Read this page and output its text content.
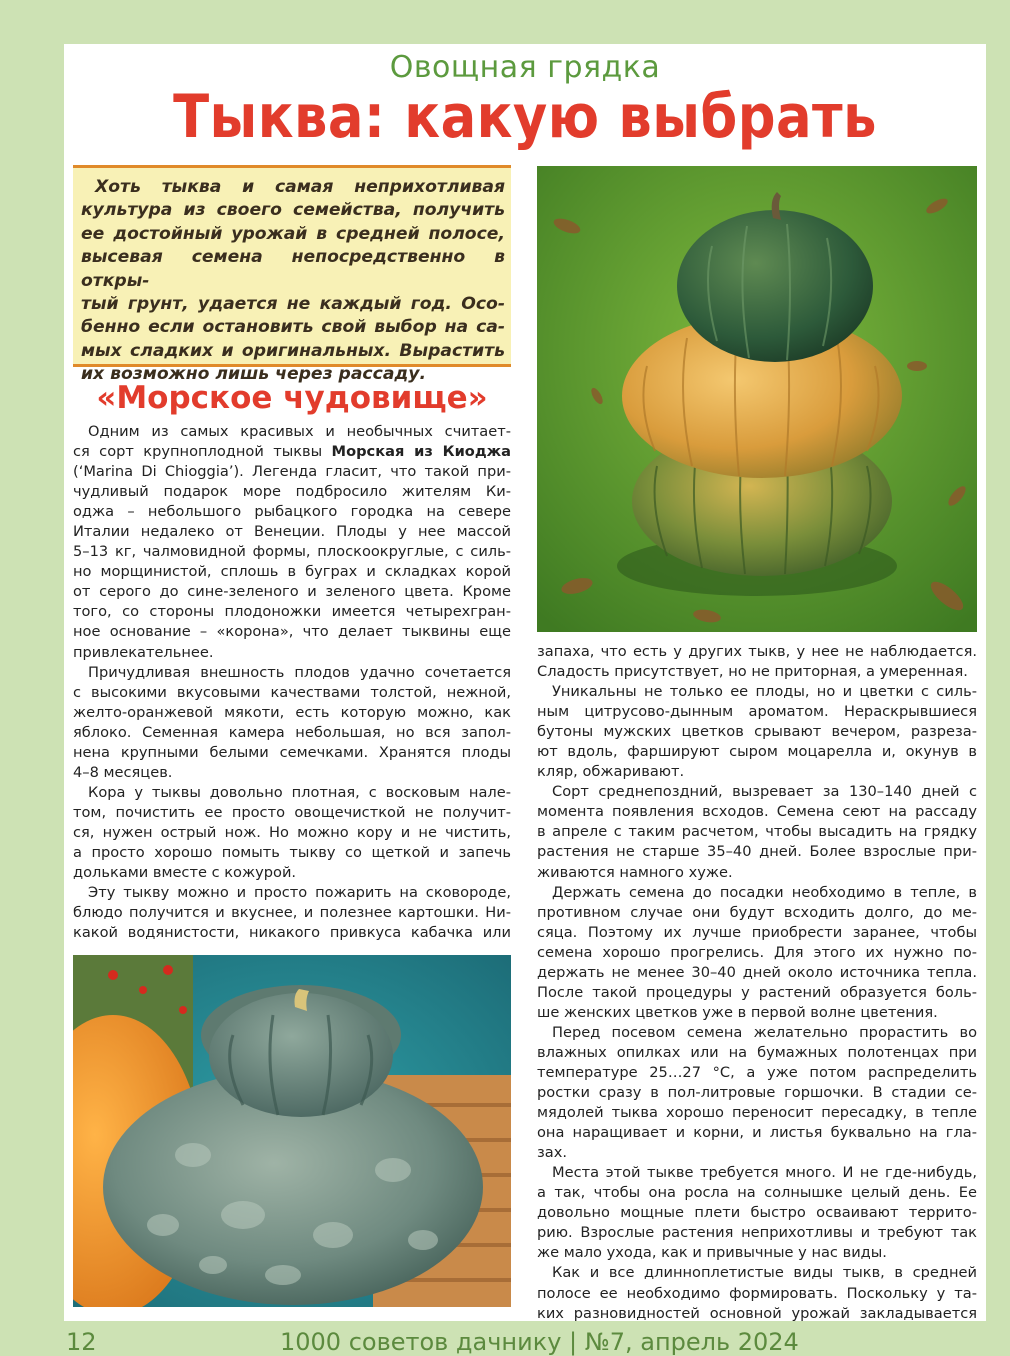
Овощная грядка
Тыква: какую выбрать

Хоть тыква и самая неприхотливая
культура из своего семейства, получить
ее достойный урожай в средней полосе,
высевая семена непосредственно в откры-
тый грунт, удается не каждый год. Осо-
бенно если остановить свой выбор на са-
мых сладких и оригинальных. Вырастить
их возможно лишь через рассаду.

«Морское чудовище»
Одним из самых красивых и необычных считает-
ся сорт крупноплодной тыквы Морская из Киоджа
(‘Marina Di Chioggia’). Легенда гласит, что такой при-
чудливый подарок море подбросило жителям Ки-
оджа – небольшого рыбацкого городка на севере
Италии недалеко от Венеции. Плоды у нее массой
5–13 кг, чалмовидной формы, плоскоокруглые, с силь-
но морщинистой, сплошь в буграх и складках корой
от серого до сине-зеленого и зеленого цвета. Кроме
того, со стороны плодоножки имеется четырехгран-
ное основание – «корона», что делает тыквины еще
привлекательнее.
Причудливая внешность плодов удачно сочетается
с высокими вкусовыми качествами толстой, нежной,
желто-оранжевой мякоти, есть которую можно, как
яблоко. Семенная камера небольшая, но вся запол-
нена крупными белыми семечками. Хранятся плоды
4–8 месяцев.
Кора у тыквы довольно плотная, с восковым нале-
том, почистить ее просто овощечисткой не получит-
ся, нужен острый нож. Но можно кору и не чистить,
а просто хорошо помыть тыкву со щеткой и запечь
дольками вместе с кожурой.
Эту тыкву можно и просто пожарить на сковороде,
блюдо получится и вкуснее, и полезнее картошки. Ни-
какой водянистости, никакого привкуса кабачка или
запаха, что есть у других тыкв, у нее не наблюдается.
Сладость присутствует, но не приторная, а умеренная.
Уникальны не только ее плоды, но и цветки с силь-
ным цитрусово-дынным ароматом. Нераскрывшиеся
бутоны мужских цветков срывают вечером, разреза-
ют вдоль, фаршируют сыром моцарелла и, окунув в
кляр, обжаривают.
Сорт среднепоздний, вызревает за 130–140 дней с
момента появления всходов. Семена сеют на рассаду
в апреле с таким расчетом, чтобы высадить на грядку
растения не старше 35–40 дней. Более взрослые при-
живаются намного хуже.
Держать семена до посадки необходимо в тепле, в
противном случае они будут всходить долго, до ме-
сяца. Поэтому их лучше приобрести заранее, чтобы
семена хорошо прогрелись. Для этого их нужно по-
держать не менее 30–40 дней около источника тепла.
После такой процедуры у растений образуется боль-
ше женских цветков уже в первой волне цветения.
Перед посевом семена желательно прорастить во
влажных опилках или на бумажных полотенцах при
температуре 25…27 °С, а уже потом распределить
ростки сразу в пол-литровые горшочки. В стадии се-
мядолей тыква хорошо переносит пересадку, в тепле
она наращивает и корни, и листья буквально на гла-
зах.
Места этой тыкве требуется много. И не где-нибудь,
а так, чтобы она росла на солнышке целый день. Ее
довольно мощные плети быстро осваивают террито-
рию. Взрослые растения неприхотливы и требуют так
же мало ухода, как и привычные у нас виды.
Как и все длинноплетистые виды тыкв, в средней
полосе ее необходимо формировать. Поскольку у та-
ких разновидностей основной урожай закладывается
12	1000 советов дачнику | №7, апрель 2024
